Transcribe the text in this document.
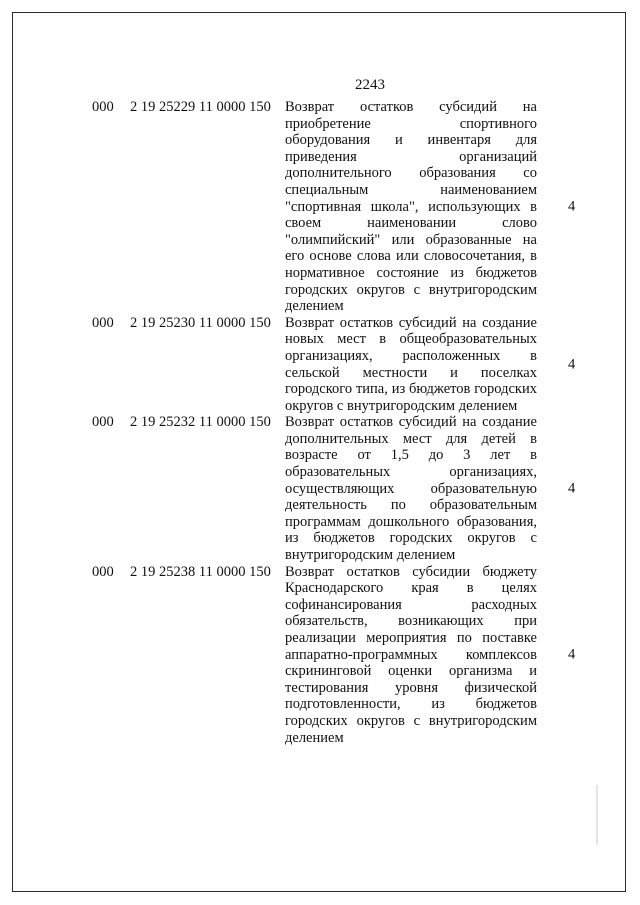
2243
000 2 19 25229 11 0000 150 Возврат остатков субсидий на приобретение спортивного оборудования и инвентаря для приведения организаций дополнительного образования со специальным наименованием "спортивная школа", использующих в своем наименовании слово "олимпийский" или образованные на его основе слова или словосочетания, в нормативное состояние из бюджетов городских округов с внутригородским делением
4
000 2 19 25230 11 0000 150 Возврат остатков субсидий на создание новых мест в общеобразовательных организациях, расположенных в сельской местности и поселках городского типа, из бюджетов городских округов с внутригородским делением
4
000 2 19 25232 11 0000 150 Возврат остатков субсидий на создание дополнительных мест для детей в возрасте от 1,5 до 3 лет в образовательных организациях, осуществляющих образовательную деятельность по образовательным программам дошкольного образования, из бюджетов городских округов с внутригородским делением
4
000 2 19 25238 11 0000 150 Возврат остатков субсидии бюджету Краснодарского края в целях софинансирования расходных обязательств, возникающих при реализации мероприятия по поставке аппаратно-программных комплексов скрининговой оценки организма и тестирования уровня физической подготовленности, из бюджетов городских округов с внутригородским делением
4
